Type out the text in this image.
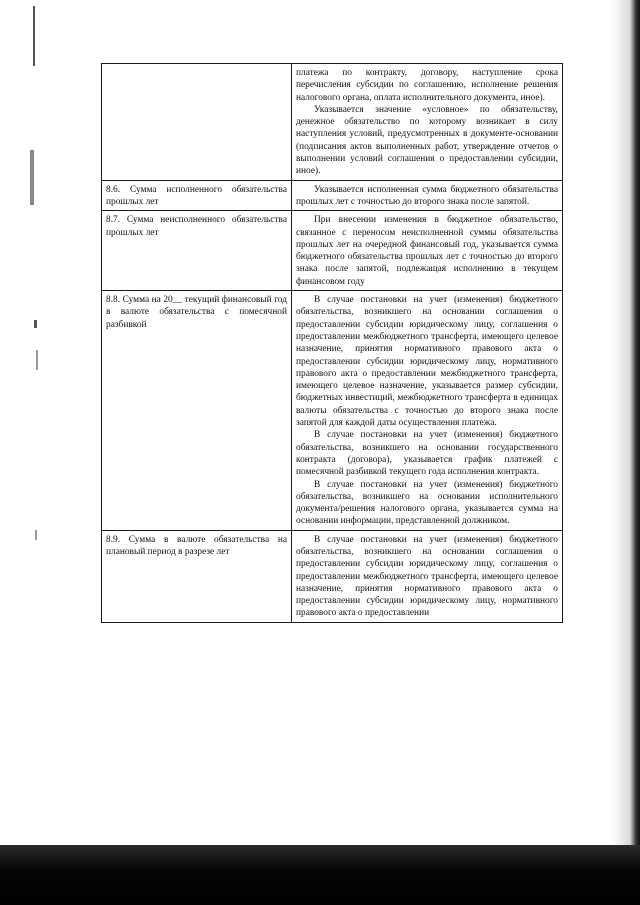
	платежа по контракту, договору, наступление срока перечисления субсидии по соглашению, исполнение решения налогового органа, оплата исполнительного документа, иное).

Указывается значение «условное» по обязательству, денежное обязательство по которому возникает в силу наступления условий, предусмотренных в документе-основании (подписания актов выполненных работ, утверждение отчетов о выполнении условий соглашения о предоставлении субсидии, иное).

8.6. Сумма исполненного обязательства прошлых лет	Указывается исполненная сумма бюджетного обязательства прошлых лет с точностью до второго знака после запятой.

8.7. Сумма неисполненного обязательства прошлых лет	При внесении изменения в бюджетное обязательство, связанное с переносом неисполненной суммы обязательства прошлых лет на очередной финансовый год, указывается сумма бюджетного обязательства прошлых лет с точностью до второго знака после запятой, подлежащая исполнению в текущем финансовом году

8.8. Сумма на 20__ текущий финансовый год в валюте обязательства с помесячной разбивкой	В случае постановки на учет (изменения) бюджетного обязательства, возникшего на основании соглашения о предоставлении субсидии юридическому лицу, соглашения о предоставлении межбюджетного трансферта, имеющего целевое назначение, принятия нормативного правового акта о предоставлении субсидии юридическому лицу, нормативного правового акта о предоставлении межбюджетного трансферта, имеющего целевое назначение, указывается размер субсидии, бюджетных инвестиций, межбюджетного трансферта в единицах валюты обязательства с точностью до второго знака после запятой для каждой даты осуществления платежа.

В случае постановки на учет (изменения) бюджетного обязательства, возникшего на основании государственного контракта (договора), указывается график платежей с помесячной разбивкой текущего года исполнения контракта.

В случае постановки на учет (изменения) бюджетного обязательства, возникшего на основании исполнительного документа/решения налогового органа, указывается сумма на основании информации, представленной должником.

8.9. Сумма в валюте обязательства на плановый период в разрезе лет	В случае постановки на учет (изменения) бюджетного обязательства, возникшего на основании соглашения о предоставлении субсидии юридическому лицу, соглашения о предоставлении межбюджетного трансферта, имеющего целевое назначение, принятия нормативного правового акта о предоставлении субсидии юридическому лицу, нормативного правового акта о предоставлении
